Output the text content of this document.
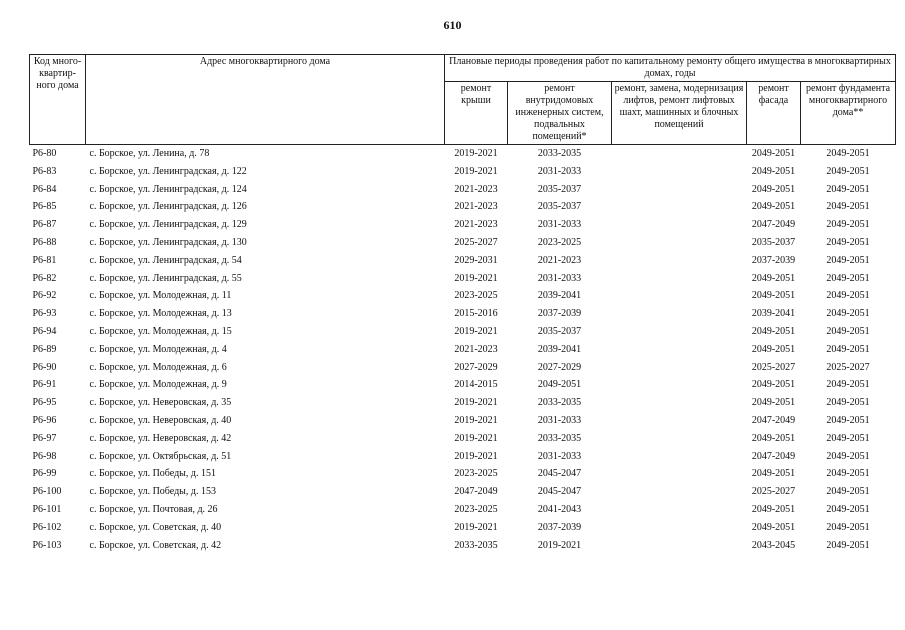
610
Код много-квартир-ного дома	Адрес многоквартирного дома	Плановые периоды проведения работ по капитальному ремонту общего имущества в многоквартирных домах, годы				
		ремонт крыши	ремонт внутридомовых инженерных систем, подвальных помещений*	ремонт, замена, модернизация лифтов, ремонт лифтовых шахт, машинных и блочных помещений	ремонт фасада	ремонт фундамента многоквартирного дома**
Р6-80	с. Борское, ул. Ленина, д. 78	2019-2021	2033-2035		2049-2051	2049-2051
Р6-83	с. Борское, ул. Ленинградская, д. 122	2019-2021	2031-2033		2049-2051	2049-2051
Р6-84	с. Борское, ул. Ленинградская, д. 124	2021-2023	2035-2037		2049-2051	2049-2051
Р6-85	с. Борское, ул. Ленинградская, д. 126	2021-2023	2035-2037		2049-2051	2049-2051
Р6-87	с. Борское, ул. Ленинградская, д. 129	2021-2023	2031-2033		2047-2049	2049-2051
Р6-88	с. Борское, ул. Ленинградская, д. 130	2025-2027	2023-2025		2035-2037	2049-2051
Р6-81	с. Борское, ул. Ленинградская, д. 54	2029-2031	2021-2023		2037-2039	2049-2051
Р6-82	с. Борское, ул. Ленинградская, д. 55	2019-2021	2031-2033		2049-2051	2049-2051
Р6-92	с. Борское, ул. Молодежная, д. 11	2023-2025	2039-2041		2049-2051	2049-2051
Р6-93	с. Борское, ул. Молодежная, д. 13	2015-2016	2037-2039		2039-2041	2049-2051
Р6-94	с. Борское, ул. Молодежная, д. 15	2019-2021	2035-2037		2049-2051	2049-2051
Р6-89	с. Борское, ул. Молодежная, д. 4	2021-2023	2039-2041		2049-2051	2049-2051
Р6-90	с. Борское, ул. Молодежная, д. 6	2027-2029	2027-2029		2025-2027	2025-2027
Р6-91	с. Борское, ул. Молодежная, д. 9	2014-2015	2049-2051		2049-2051	2049-2051
Р6-95	с. Борское, ул. Неверовская, д. 35	2019-2021	2033-2035		2049-2051	2049-2051
Р6-96	с. Борское, ул. Неверовская, д. 40	2019-2021	2031-2033		2047-2049	2049-2051
Р6-97	с. Борское, ул. Неверовская, д. 42	2019-2021	2033-2035		2049-2051	2049-2051
Р6-98	с. Борское, ул. Октябрьская, д. 51	2019-2021	2031-2033		2047-2049	2049-2051
Р6-99	с. Борское, ул. Победы, д. 151	2023-2025	2045-2047		2049-2051	2049-2051
Р6-100	с. Борское, ул. Победы, д. 153	2047-2049	2045-2047		2025-2027	2049-2051
Р6-101	с. Борское, ул. Почтовая, д. 26	2023-2025	2041-2043		2049-2051	2049-2051
Р6-102	с. Борское, ул. Советская, д. 40	2019-2021	2037-2039		2049-2051	2049-2051
Р6-103	с. Борское, ул. Советская, д. 42	2033-2035	2019-2021		2043-2045	2049-2051
